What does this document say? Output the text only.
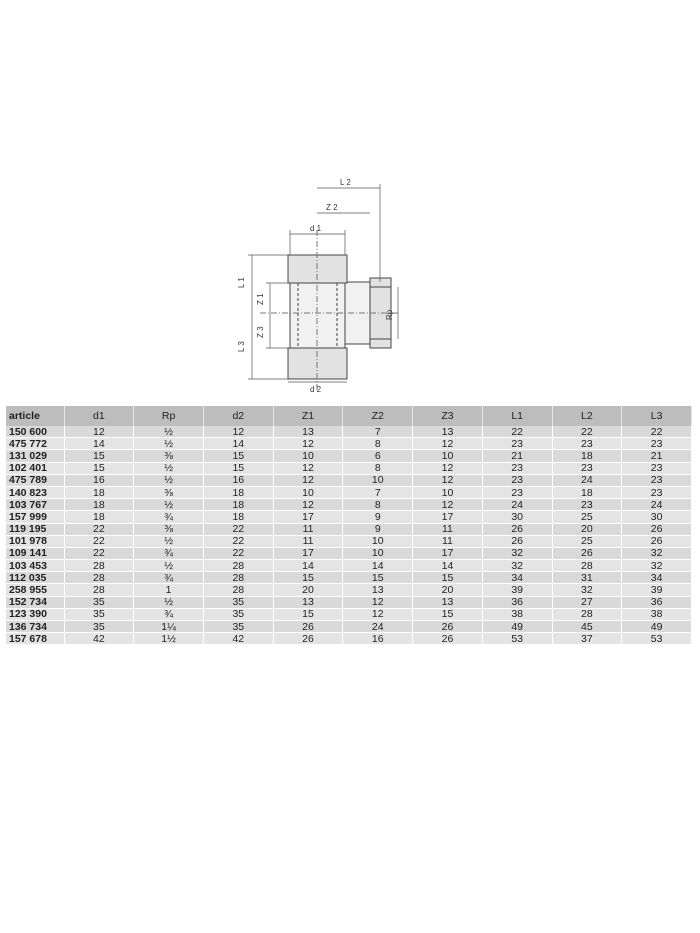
L 2
Z 2
d 1
L 1
Z 1
Z 3
L 3
Rp
d 2
article	d1	Rp	d2	Z1	Z2	Z3	L1	L2	L3
150 600	12	½	12	13	7	13	22	22	22
475 772	14	½	14	12	8	12	23	23	23
131 029	15	⅜	15	10	6	10	21	18	21
102 401	15	½	15	12	8	12	23	23	23
475 789	16	½	16	12	10	12	23	24	23
140 823	18	⅜	18	10	7	10	23	18	23
103 767	18	½	18	12	8	12	24	23	24
157 999	18	¾	18	17	9	17	30	25	30
119 195	22	⅜	22	11	9	11	26	20	26
101 978	22	½	22	11	10	11	26	25	26
109 141	22	¾	22	17	10	17	32	26	32
103 453	28	½	28	14	14	14	32	28	32
112 035	28	¾	28	15	15	15	34	31	34
258 955	28	1	28	20	13	20	39	32	39
152 734	35	½	35	13	12	13	36	27	36
123 390	35	¾	35	15	12	15	38	28	38
136 734	35	1¼	35	26	24	26	49	45	49
157 678	42	1½	42	26	16	26	53	37	53
